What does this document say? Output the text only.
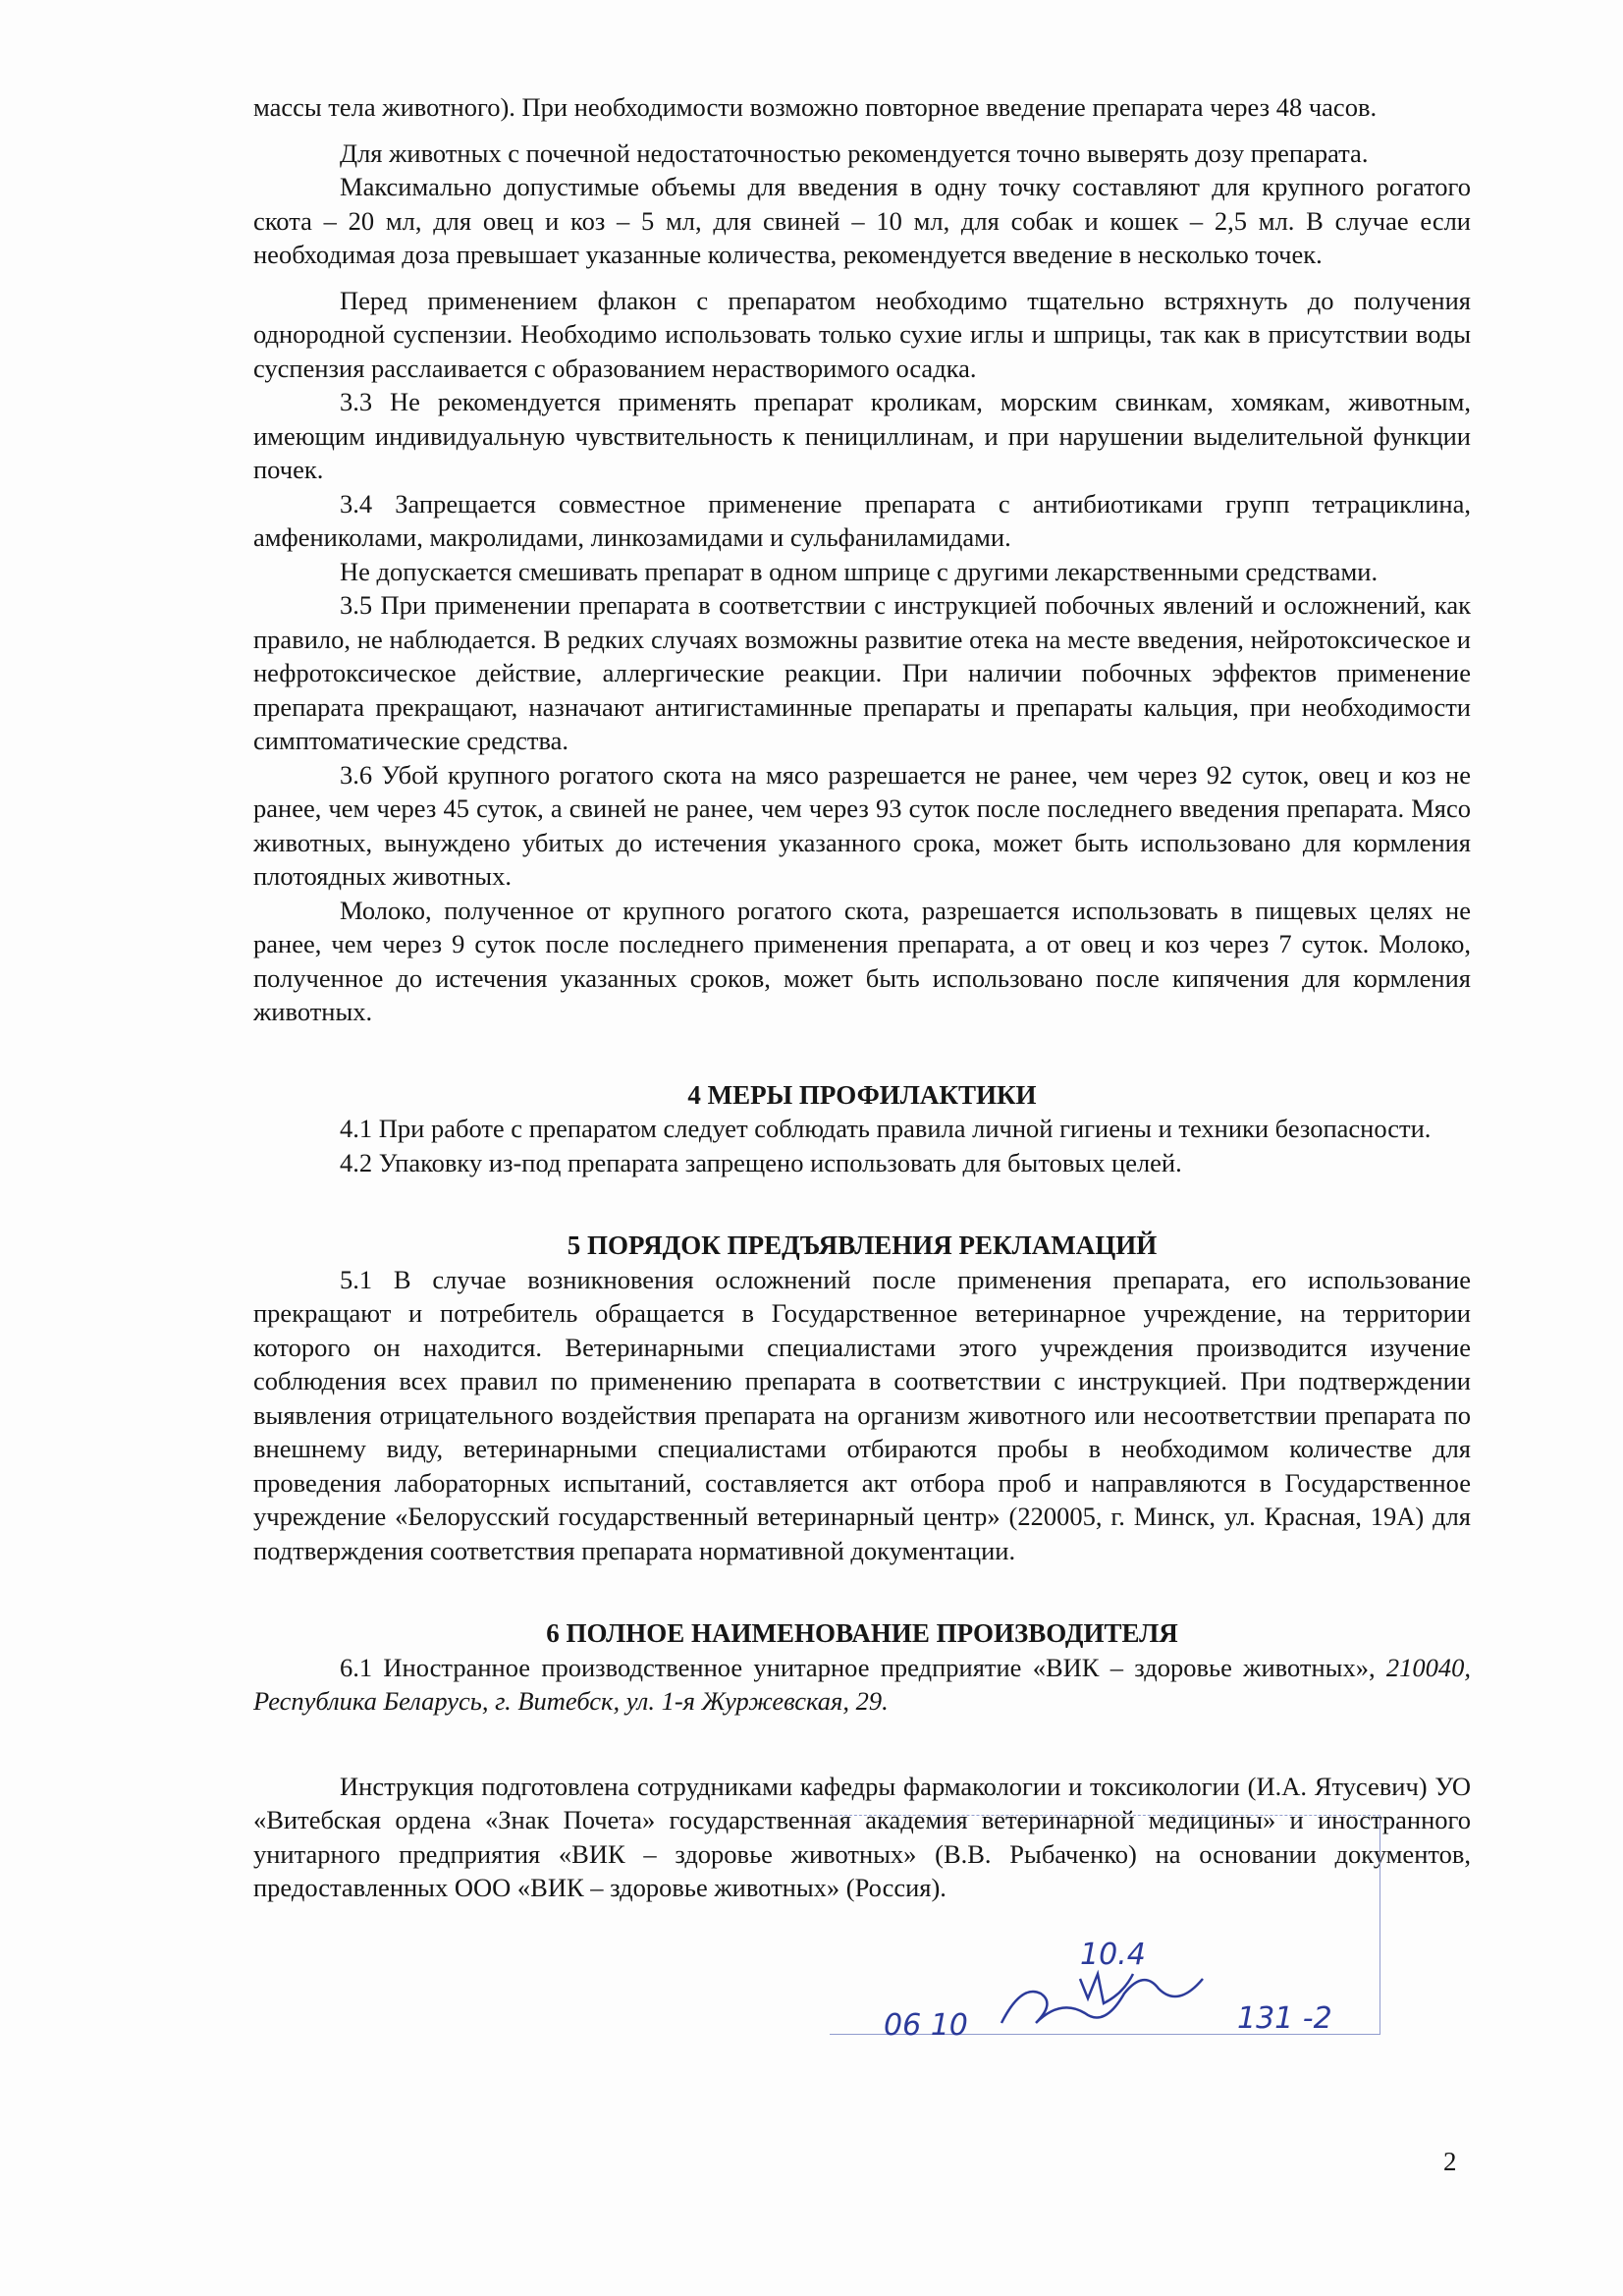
массы тела животного). При необходимости возможно повторное введение препарата через 48 часов.

Для животных с почечной недостаточностью рекомендуется точно выверять дозу препарата.

Максимально допустимые объемы для введения в одну точку составляют для крупного рогатого скота – 20 мл, для овец и коз – 5 мл, для свиней – 10 мл, для собак и кошек – 2,5 мл. В случае если необходимая доза превышает указанные количества, рекомендуется введение в несколько точек.

Перед применением флакон с препаратом необходимо тщательно встряхнуть до получения однородной суспензии. Необходимо использовать только сухие иглы и шприцы, так как в присутствии воды суспензия расслаивается с образованием нерастворимого осадка.

3.3 Не рекомендуется применять препарат кроликам, морским свинкам, хомякам, животным, имеющим индивидуальную чувствительность к пенициллинам, и при нарушении выделительной функции почек.

3.4 Запрещается совместное применение препарата с антибиотиками групп тетрациклина, амфениколами, макролидами, линкозамидами и сульфаниламидами.

Не допускается смешивать препарат в одном шприце с другими лекарственными средствами.

3.5 При применении препарата в соответствии с инструкцией побочных явлений и осложнений, как правило, не наблюдается. В редких случаях возможны развитие отека на месте введения, нейротоксическое и нефротоксическое действие, аллергические реакции. При наличии побочных эффектов применение препарата прекращают, назначают антигистаминные препараты и препараты кальция, при необходимости симптоматические средства.

3.6 Убой крупного рогатого скота на мясо разрешается не ранее, чем через 92 суток, овец и коз не ранее, чем через 45 суток, а свиней не ранее, чем через 93 суток после последнего введения препарата. Мясо животных, вынуждено убитых до истечения указанного срока, может быть использовано для кормления плотоядных животных.

Молоко, полученное от крупного рогатого скота, разрешается использовать в пищевых целях не ранее, чем через 9 суток после последнего применения препарата, а от овец и коз через 7 суток. Молоко, полученное до истечения указанных сроков, может быть использовано после кипячения для кормления животных.

4 МЕРЫ ПРОФИЛАКТИКИ

4.1 При работе с препаратом следует соблюдать правила личной гигиены и техники безопасности.

4.2 Упаковку из-под препарата запрещено использовать для бытовых целей.

5 ПОРЯДОК ПРЕДЪЯВЛЕНИЯ РЕКЛАМАЦИЙ

5.1 В случае возникновения осложнений после применения препарата, его использование прекращают и потребитель обращается в Государственное ветеринарное учреждение, на территории которого он находится. Ветеринарными специалистами этого учреждения производится изучение соблюдения всех правил по применению препарата в соответствии с инструкцией. При подтверждении выявления отрицательного воздействия препарата на организм животного или несоответствии препарата по внешнему виду, ветеринарными специалистами отбираются пробы в необходимом количестве для проведения лабораторных испытаний, составляется акт отбора проб и направляются в Государственное учреждение «Белорусский государственный ветеринарный центр» (220005, г. Минск, ул. Красная, 19А) для подтверждения соответствия препарата нормативной документации.

6 ПОЛНОЕ НАИМЕНОВАНИЕ ПРОИЗВОДИТЕЛЯ

6.1 Иностранное производственное унитарное предприятие «ВИК – здоровье животных», 210040, Республика Беларусь, г. Витебск, ул. 1-я Журжевская, 29.

Инструкция подготовлена сотрудниками кафедры фармакологии и токсикологии (И.А. Ятусевич) УО «Витебская ордена «Знак Почета» государственная академия ветеринарной медицины» и иностранного унитарного предприятия «ВИК – здоровье животных» (В.В. Рыбаченко) на основании документов, предоставленных ООО «ВИК – здоровье животных» (Россия).

10.4
06 10	131 -2
2
